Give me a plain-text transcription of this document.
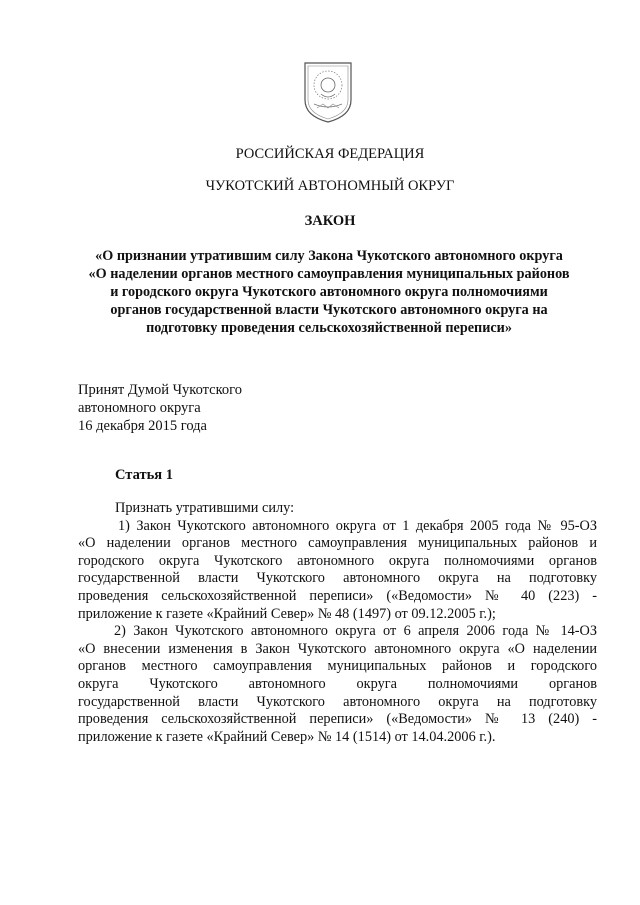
РОССИЙСКАЯ ФЕДЕРАЦИЯ
ЧУКОТСКИЙ АВТОНОМНЫЙ ОКРУГ
ЗАКОН
«О признании утратившим силу Закона Чукотского автономного округа
«О наделении органов местного самоуправления муниципальных районов
и городского округа Чукотского автономного округа полномочиями
органов государственной власти Чукотского автономного округа на
подготовку проведения сельскохозяйственной переписи»
Принят Думой Чукотского
автономного округа
16 декабря 2015 года
Статья 1
Признать утратившими силу:
1) Закон Чукотского автономного округа от 1 декабря 2005 года № 95-ОЗ
«О наделении органов местного самоуправления муниципальных районов и
городского округа Чукотского автономного округа полномочиями органов
государственной власти Чукотского автономного округа на подготовку
проведения сельскохозяйственной переписи» («Ведомости» № 40 (223) -
приложение к газете «Крайний Север» № 48 (1497) от 09.12.2005 г.);
2) Закон Чукотского автономного округа от 6 апреля 2006 года № 14-ОЗ
«О внесении изменения в Закон Чукотского автономного округа «О наделении
органов местного самоуправления муниципальных районов и городского
округа Чукотского автономного округа полномочиями органов
государственной власти Чукотского автономного округа на подготовку
проведения сельскохозяйственной переписи» («Ведомости» № 13 (240) -
приложение к газете «Крайний Север» № 14 (1514) от 14.04.2006 г.).
